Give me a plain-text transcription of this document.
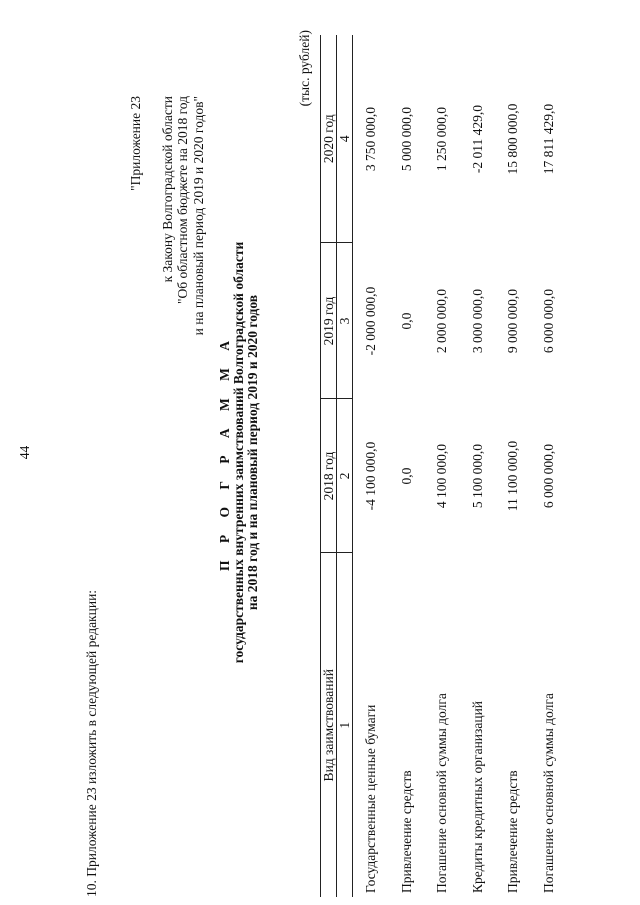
44
10. Приложение 23 изложить в следующей редакции:
"Приложение 23 к Закону Волгоградской области "Об областном бюджете на 2018 год и на плановый период 2019 и 2020 годов"
П Р О Г Р А М М А государственных внутренних заимствований Волгоградской области на 2018 год и на плановый период 2019 и 2020 годов
(тыс. рублей)
Вид заимствований	2018 год	2019 год	2020 год
1	2	3	4
Государственные ценные бумаги	-4 100 000,0	-2 000 000,0	3 750 000,0
Привлечение средств	0,0	0,0	5 000 000,0
Погашение основной суммы долга	4 100 000,0	2 000 000,0	1 250 000,0
Кредиты кредитных организаций	5 100 000,0	3 000 000,0	-2 011 429,0
Привлечение средств	11 100 000,0	9 000 000,0	15 800 000,0
Погашение основной суммы долга	6 000 000,0	6 000 000,0	17 811 429,0
